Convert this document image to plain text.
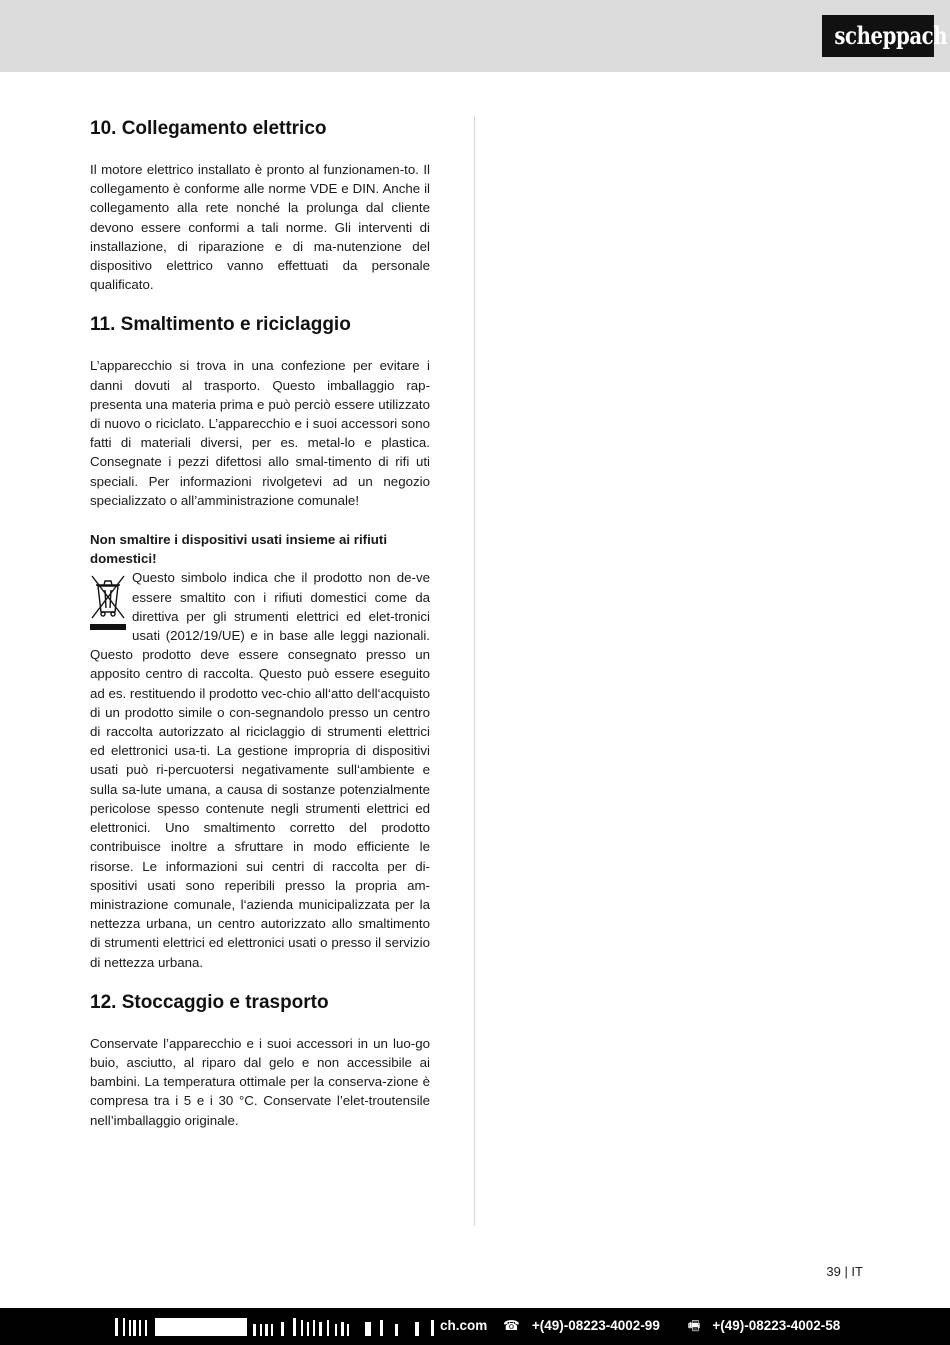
scheppach
10. Collegamento elettrico

Il motore elettrico installato è pronto al funzionamen-to. Il collegamento è conforme alle norme VDE e DIN. Anche il collegamento alla rete nonché la prolunga dal cliente devono essere conformi a tali norme. Gli interventi di installazione, di riparazione e di ma-nutenzione del dispositivo elettrico vanno effettuati da personale qualificato.

11. Smaltimento e riciclaggio

L’apparecchio si trova in una confezione per evitare i danni dovuti al trasporto. Questo imballaggio rap-presenta una materia prima e può perciò essere utilizzato di nuovo o riciclato. L’apparecchio e i suoi accessori sono fatti di materiali diversi, per es. metal-lo e plastica. Consegnate i pezzi difettosi allo smal-timento di rifi uti speciali. Per informazioni rivolgetevi ad un negozio specializzato o all’amministrazione comunale!

Non smaltire i dispositivi usati insieme ai rifiuti domestici!

Questo simbolo indica che il prodotto non de-ve essere smaltito con i rifiuti domestici come da direttiva per gli strumenti elettrici ed elet-tronici usati (2012/19/UE) e in base alle leggi nazionali. Questo prodotto deve essere consegnato presso un apposito centro di raccolta. Questo può essere eseguito ad es. restituendo il prodotto vec-chio all‘atto dell‘acquisto di un prodotto simile o con-segnandolo presso un centro di raccolta autorizzato al riciclaggio di strumenti elettrici ed elettronici usa-ti. La gestione impropria di dispositivi usati può ri-percuotersi negativamente sull‘ambiente e sulla sa-lute umana, a causa di sostanze potenzialmente pericolose spesso contenute negli strumenti elettrici ed elettronici. Uno smaltimento corretto del prodotto contribuisce inoltre a sfruttare in modo efficiente le risorse. Le informazioni sui centri di raccolta per di-spositivi usati sono reperibili presso la propria am-ministrazione comunale, l‘azienda municipalizzata per la nettezza urbana, un centro autorizzato allo smaltimento di strumenti elettrici ed elettronici usati o presso il servizio di nettezza urbana.

12. Stoccaggio e trasporto

Conservate l’apparecchio e i suoi accessori in un luo-go buio, asciutto, al riparo dal gelo e non accessibile ai bambini. La temperatura ottimale per la conserva-zione è compresa tra i 5 e i 30 °C. Conservate l’elet-troutensile nell’imballaggio originale.

39 | IT
ch.com ☎ +(49)-08223-4002-99 🖷 +(49)-08223-4002-58
